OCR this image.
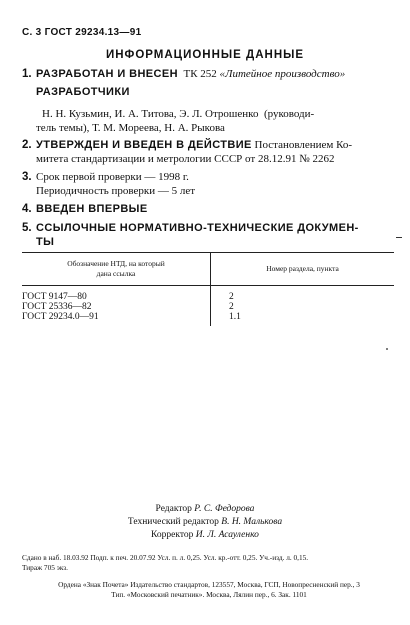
С. 3 ГОСТ 29234.13—91
ИНФОРМАЦИОННЫЕ ДАННЫЕ
1. РАЗРАБОТАН И ВНЕСЕН ТК 252 «Литейное производство»
РАЗРАБОТЧИКИ
Н. Н. Кузьмин, И. А. Титова, Э. Л. Отрошенко (руководи-
тель темы), Т. М. Мореева, Н. А. Рыкова
2. УТВЕРЖДЕН И ВВЕДЕН В ДЕЙСТВИЕ Постановлением Ко-
митета стандартизации и метрологии СССР от 28.12.91 № 2262
3. Срок первой проверки — 1998 г.
Периодичность проверки — 5 лет
4. ВВЕДЕН ВПЕРВЫЕ
5. ССЫЛОЧНЫЕ НОРМАТИВНО-ТЕХНИЧЕСКИЕ ДОКУМЕН-
ТЫ
Обозначение НТД, на который
дана ссылка	Номер раздела, пункта
ГОСТ 9147—80	2
ГОСТ 25336—82	2
ГОСТ 29234.0—91	1.1
Редактор Р. С. Федорова
Технический редактор В. Н. Малькова
Корректор И. Л. Асауленко
Сдано в наб. 18.03.92 Подп. к печ. 20.07.92 Усл. п. л. 0,25. Усл. кр.-отт. 0,25. Уч.-изд. л. 0,15.
Тираж 705 экз.
Ордена «Знак Почета» Издательство стандартов, 123557, Москва, ГСП, Новопресненский пер., 3
Тип. «Московский печатник». Москва, Лялин пер., 6. Зак. 1101
